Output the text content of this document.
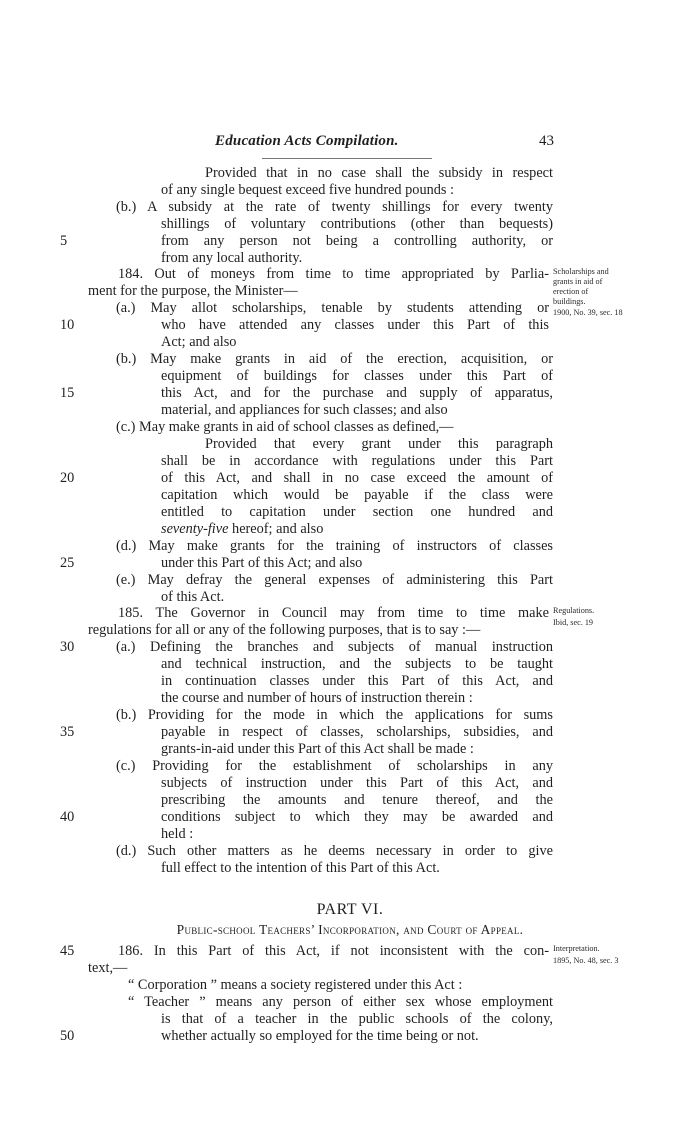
Education Acts Compilation.	43
Provided that in no case shall the subsidy in respect
of any single bequest exceed five hundred pounds :
(b.) A subsidy at the rate of twenty shillings for every twenty
shillings of voluntary contributions (other than bequests)
from any person not being a controlling authority, or
from any local authority.
184. Out of moneys from time to time appropriated by Parlia-
ment for the purpose, the Minister—
(a.) May allot scholarships, tenable by students attending or
who have attended any classes under this Part of this
Act; and also
(b.) May make grants in aid of the erection, acquisition, or
equipment of buildings for classes under this Part of
this Act, and for the purchase and supply of apparatus,
material, and appliances for such classes; and also
(c.) May make grants in aid of school classes as defined,—
Provided that every grant under this paragraph
shall be in accordance with regulations under this Part
of this Act, and shall in no case exceed the amount of
capitation which would be payable if the class were
entitled to capitation under section one hundred and
seventy-five hereof; and also
(d.) May make grants for the training of instructors of classes
under this Part of this Act; and also
(e.) May defray the general expenses of administering this Part
of this Act.
185. The Governor in Council may from time to time make
regulations for all or any of the following purposes, that is to say :—
(a.) Defining the branches and subjects of manual instruction
and technical instruction, and the subjects to be taught
in continuation classes under this Part of this Act, and
the course and number of hours of instruction therein :
(b.) Providing for the mode in which the applications for sums
payable in respect of classes, scholarships, subsidies, and
grants-in-aid under this Part of this Act shall be made :
(c.) Providing for the establishment of scholarships in any
subjects of instruction under this Part of this Act, and
prescribing the amounts and tenure thereof, and the
conditions subject to which they may be awarded and
held :
(d.) Such other matters as he deems necessary in order to give
full effect to the intention of this Part of this Act.
186. In this Part of this Act, if not inconsistent with the con-
text,—
“ Corporation ” means a society registered under this Act :
“ Teacher ” means any person of either sex whose employment
is that of a teacher in the public schools of the colony,
whether actually so employed for the time being or not.
5
10
15
20
25
30
35
40
45
50
Scholarships and
grants in aid of
erection of
buildings.
1900, No. 39, sec. 18
Regulations.
Ibid, sec. 19
Interpretation.
1895, No. 48, sec. 3
PART VI.
Public-school Teachers’ Incorporation, and Court of Appeal.
